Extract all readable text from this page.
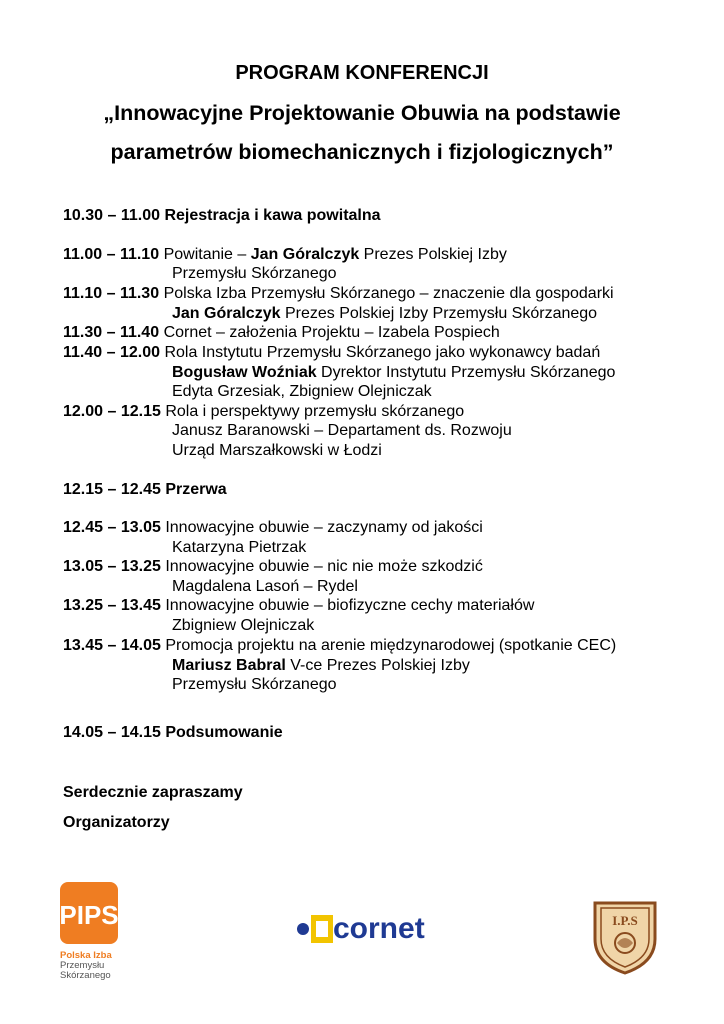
PROGRAM KONFERENCJI
„Innowacyjne Projektowanie Obuwia na podstawie
parametrów biomechanicznych i fizjologicznych”
10.30 – 11.00 Rejestracja i kawa powitalna
11.00 – 11.10 Powitanie – Jan Góralczyk Prezes Polskiej Izby
Przemysłu Skórzanego
11.10 – 11.30 Polska Izba Przemysłu Skórzanego – znaczenie dla gospodarki
Jan Góralczyk Prezes Polskiej Izby Przemysłu Skórzanego
11.30 – 11.40 Cornet – założenia Projektu – Izabela Pospiech
11.40 – 12.00 Rola Instytutu Przemysłu Skórzanego jako wykonawcy badań
Bogusław Woźniak Dyrektor Instytutu Przemysłu Skórzanego
Edyta Grzesiak, Zbigniew Olejniczak
12.00 – 12.15 Rola i perspektywy przemysłu skórzanego
Janusz Baranowski – Departament ds. Rozwoju
Urząd Marszałkowski w Łodzi
12.15 – 12.45 Przerwa
12.45 – 13.05 Innowacyjne obuwie – zaczynamy od jakości
Katarzyna Pietrzak
13.05 – 13.25 Innowacyjne obuwie – nic nie może szkodzić
Magdalena Lasoń – Rydel
13.25 – 13.45 Innowacyjne obuwie – biofizyczne cechy materiałów
Zbigniew Olejniczak
13.45 – 14.05 Promocja projektu na arenie międzynarodowej (spotkanie CEC)
Mariusz Babral V-ce Prezes Polskiej Izby
Przemysłu Skórzanego
14.05 – 14.15 Podsumowanie
Serdecznie zapraszamy
Organizatorzy
PIPS
Polska Izba
Przemysłu
Skórzanego
cornet	I.P.S
